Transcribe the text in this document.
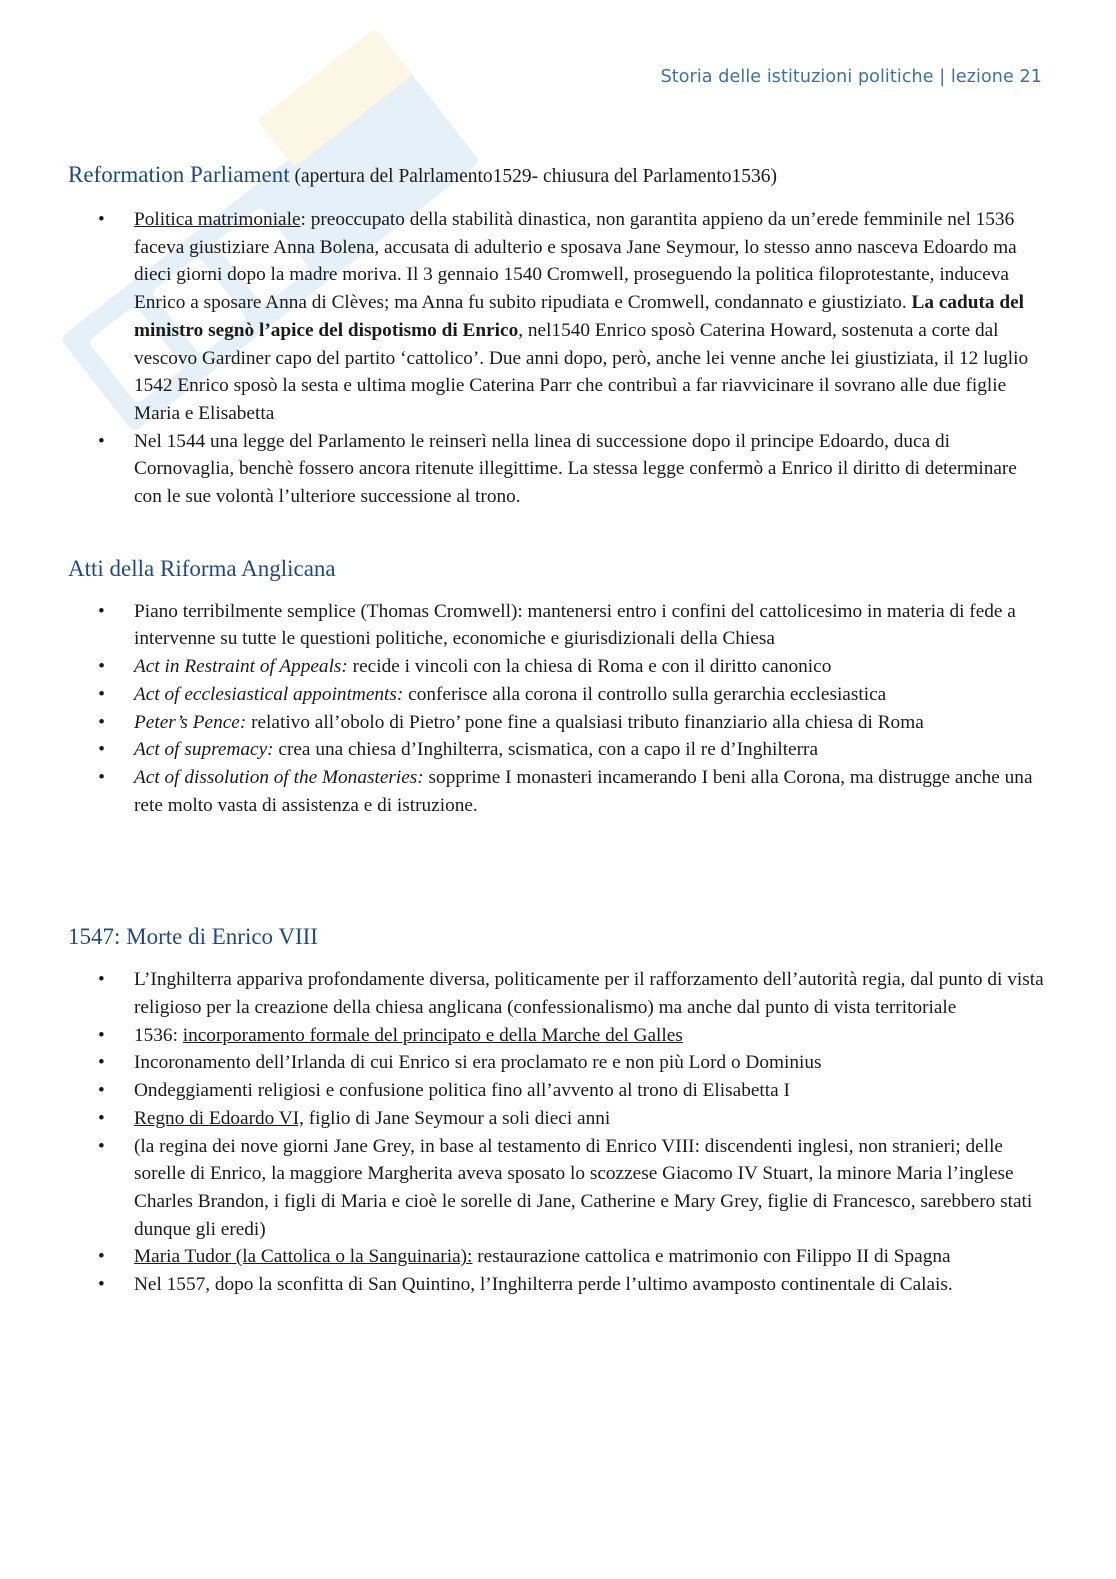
Storia delle istituzioni politiche | lezione 21
Reformation Parliament (apertura del Palrlamento1529- chiusura del Parlamento1536)
• Politica matrimoniale: preoccupato della stabilità dinastica, non garantita appieno da un’erede femminile nel 1536 faceva giustiziare Anna Bolena, accusata di adulterio e sposava Jane Seymour, lo stesso anno nasceva Edoardo ma dieci giorni dopo la madre moriva. Il 3 gennaio 1540 Cromwell, proseguendo la politica filoprotestante, induceva Enrico a sposare Anna di Clèves; ma Anna fu subito ripudiata e Cromwell, condannato e giustiziato. La caduta del ministro segnò l’apice del dispotismo di Enrico, nel1540 Enrico sposò Caterina Howard, sostenuta a corte dal vescovo Gardiner capo del partito ‘cattolico’. Due anni dopo, però, anche lei venne anche lei giustiziata, il 12 luglio 1542 Enrico sposò la sesta e ultima moglie Caterina Parr che contribuì a far riavvicinare il sovrano alle due figlie Maria e Elisabetta
• Nel 1544 una legge del Parlamento le reinserì nella linea di successione dopo il principe Edoardo, duca di Cornovaglia, benchè fossero ancora ritenute illegittime. La stessa legge confermò a Enrico il diritto di determinare con le sue volontà l’ulteriore successione al trono.
Atti della Riforma Anglicana
• Piano terribilmente semplice (Thomas Cromwell): mantenersi entro i confini del cattolicesimo in materia di fede a intervenne su tutte le questioni politiche, economiche e giurisdizionali della Chiesa
• Act in Restraint of Appeals: recide i vincoli con la chiesa di Roma e con il diritto canonico
• Act of ecclesiastical appointments: conferisce alla corona il controllo sulla gerarchia ecclesiastica
• Peter’s Pence: relativo all’obolo di Pietro’ pone fine a qualsiasi tributo finanziario alla chiesa di Roma
• Act of supremacy: crea una chiesa d’Inghilterra, scismatica, con a capo il re d’Inghilterra
• Act of dissolution of the Monasteries: sopprime I monasteri incamerando I beni alla Corona, ma distrugge anche una rete molto vasta di assistenza e di istruzione.
1547: Morte di Enrico VIII
• L’Inghilterra appariva profondamente diversa, politicamente per il rafforzamento dell’autorità regia, dal punto di vista religioso per la creazione della chiesa anglicana (confessionalismo) ma anche dal punto di vista territoriale
• 1536: incorporamento formale del principato e della Marche del Galles
• Incoronamento dell’Irlanda di cui Enrico si era proclamato re e non più Lord o Dominius
• Ondeggiamenti religiosi e confusione politica fino all’avvento al trono di Elisabetta I
• Regno di Edoardo VI, figlio di Jane Seymour a soli dieci anni
• (la regina dei nove giorni Jane Grey, in base al testamento di Enrico VIII: discendenti inglesi, non stranieri; delle sorelle di Enrico, la maggiore Margherita aveva sposato lo scozzese Giacomo IV Stuart, la minore Maria l’inglese Charles Brandon, i figli di Maria e cioè le sorelle di Jane, Catherine e Mary Grey, figlie di Francesco, sarebbero stati dunque gli eredi)
• Maria Tudor (la Cattolica o la Sanguinaria): restaurazione cattolica e matrimonio con Filippo II di Spagna
• Nel 1557, dopo la sconfitta di San Quintino, l’Inghilterra perde l’ultimo avamposto continentale di Calais.
